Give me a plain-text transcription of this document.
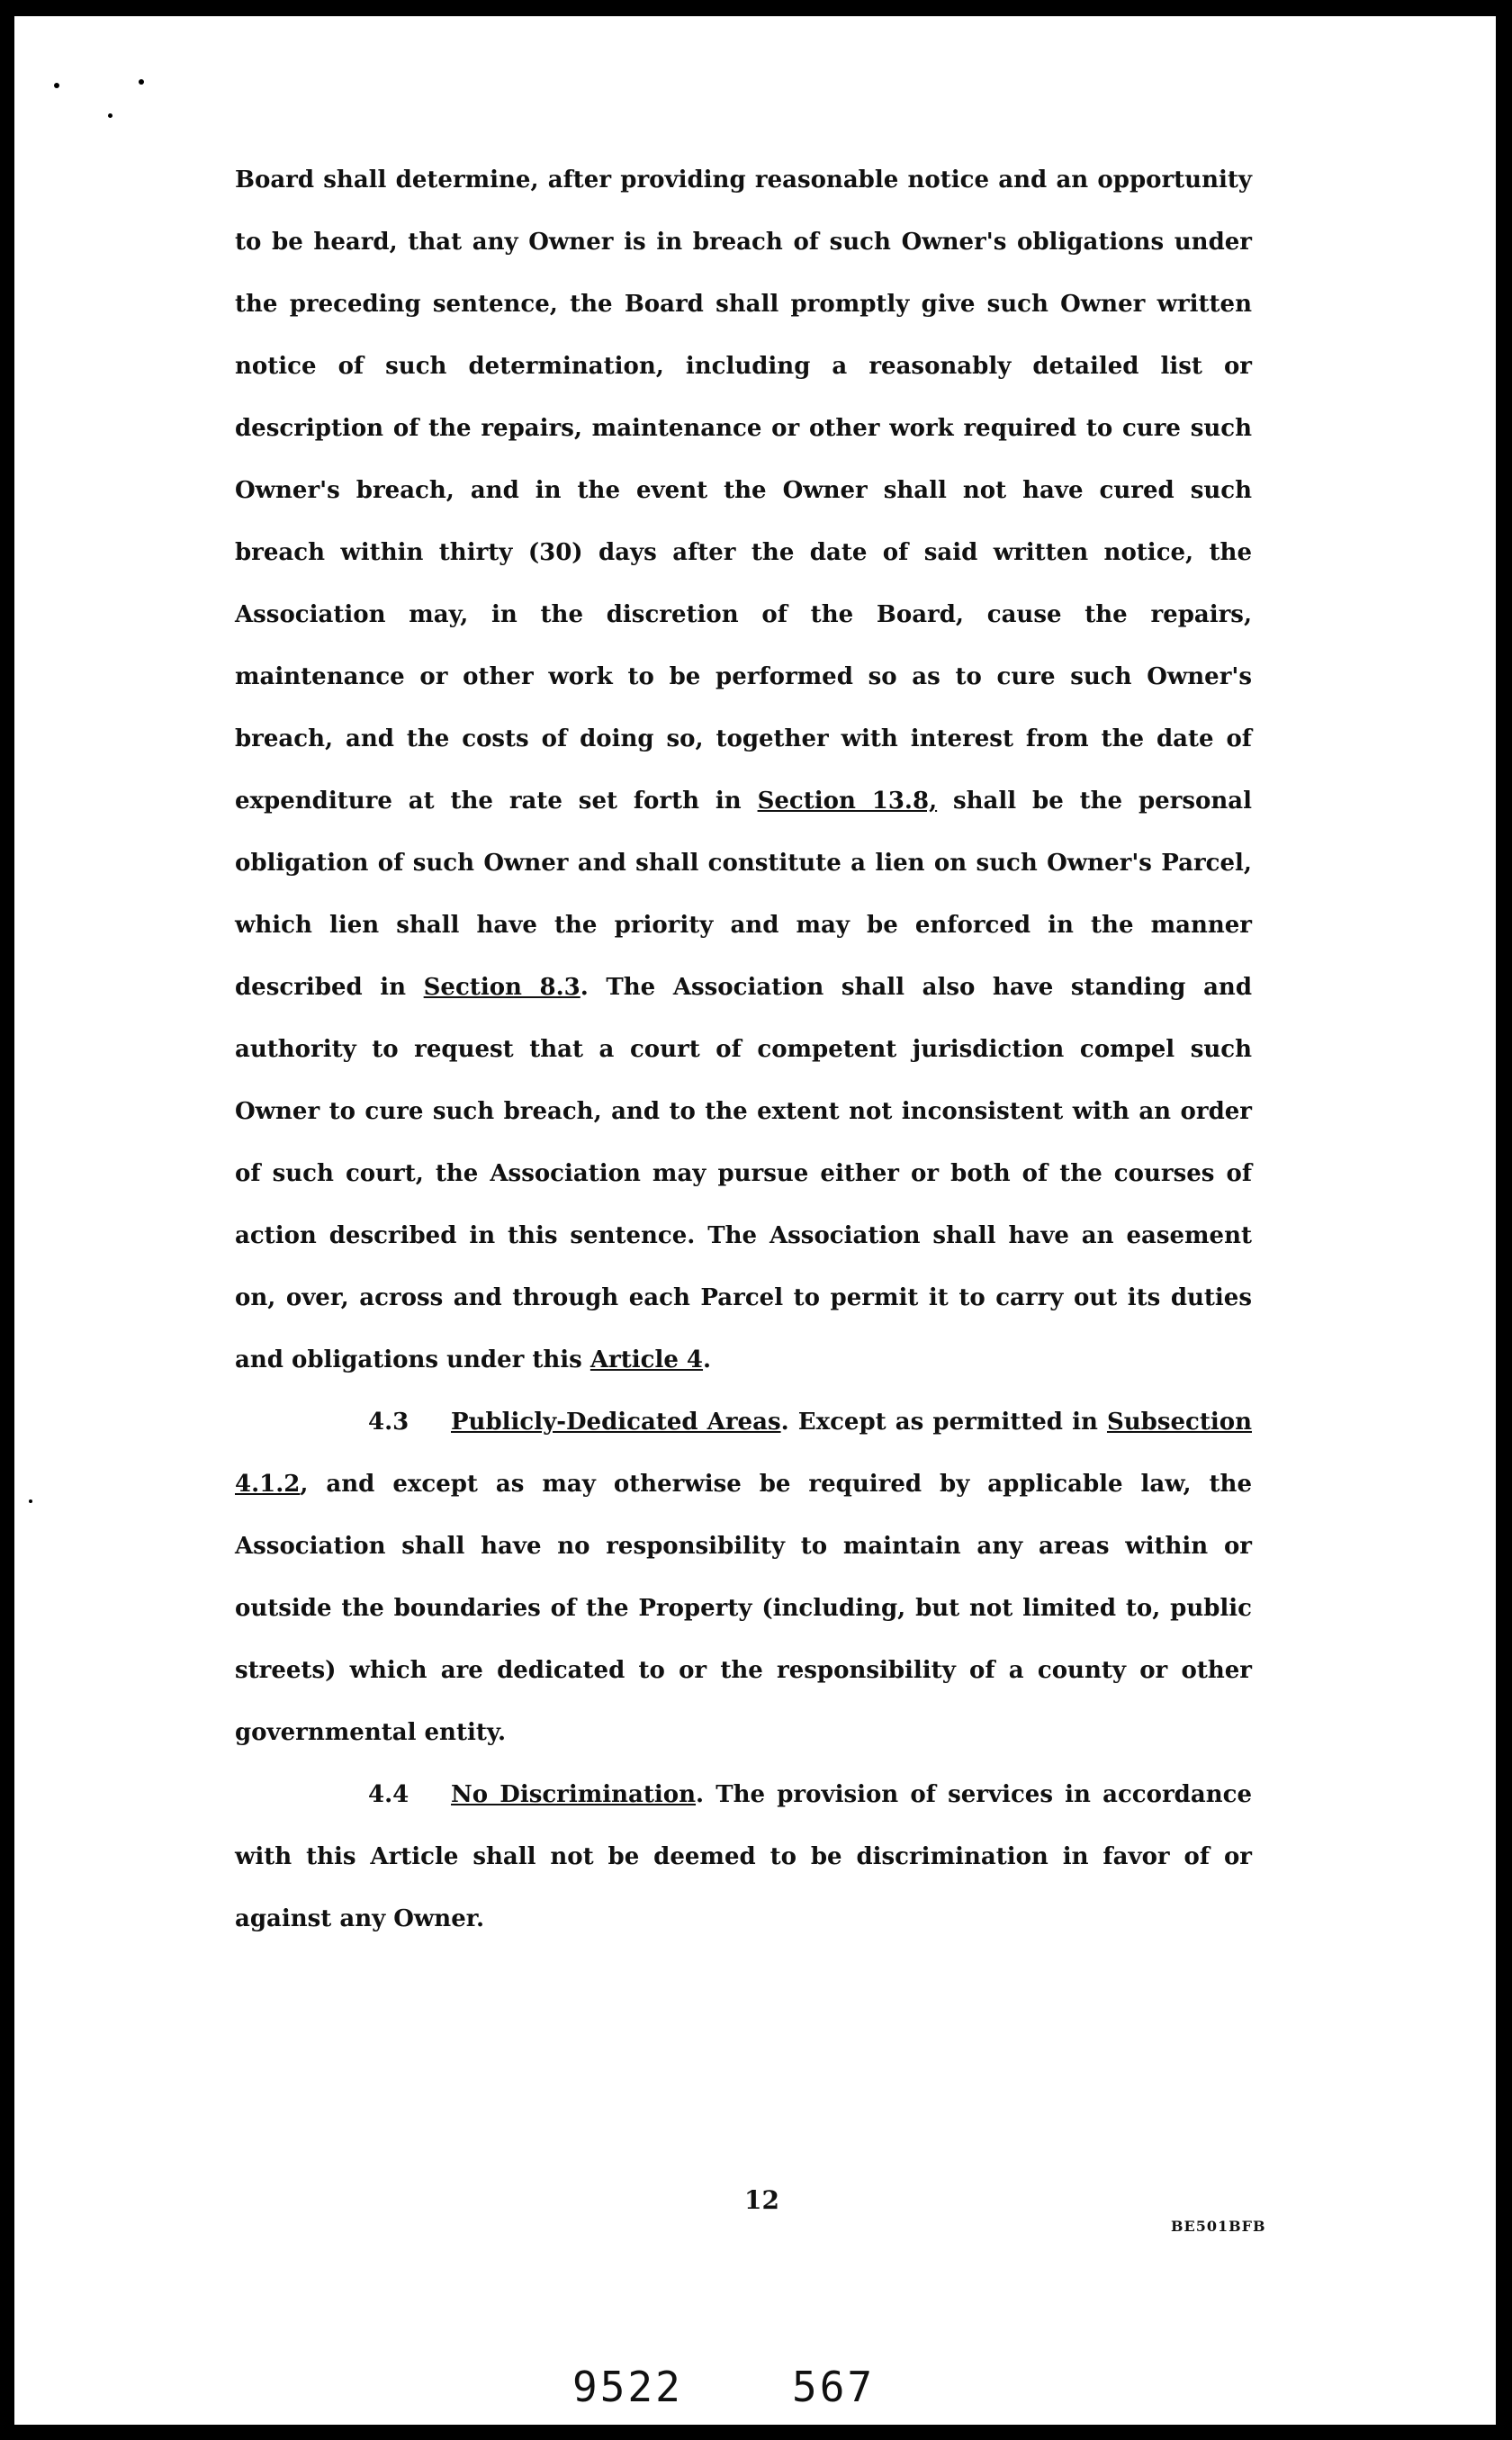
Board shall determine, after providing reasonable notice and an opportunity to be heard, that any Owner is in breach of such Owner's obligations under the preceding sentence, the Board shall promptly give such Owner written notice of such determination, including a reasonably detailed list or description of the repairs, maintenance or other work required to cure such Owner's breach, and in the event the Owner shall not have cured such breach within thirty (30) days after the date of said written notice, the Association may, in the discretion of the Board, cause the repairs, maintenance or other work to be performed so as to cure such Owner's breach, and the costs of doing so, together with interest from the date of expenditure at the rate set forth in Section 13.8, shall be the personal obligation of such Owner and shall constitute a lien on such Owner's Parcel, which lien shall have the priority and may be enforced in the manner described in Section 8.3. The Association shall also have standing and authority to request that a court of competent jurisdiction compel such Owner to cure such breach, and to the extent not inconsistent with an order of such court, the Association may pursue either or both of the courses of action described in this sentence. The Association shall have an easement on, over, across and through each Parcel to permit it to carry out its duties and obligations under this Article 4.

4.3 Publicly-Dedicated Areas. Except as permitted in Subsection 4.1.2, and except as may otherwise be required by applicable law, the Association shall have no responsibility to maintain any areas within or outside the boundaries of the Property (including, but not limited to, public streets) which are dedicated to or the responsibility of a county or other governmental entity.

4.4 No Discrimination. The provision of services in accordance with this Article shall not be deemed to be discrimination in favor of or against any Owner.

12
BE501BFB
9522	567
